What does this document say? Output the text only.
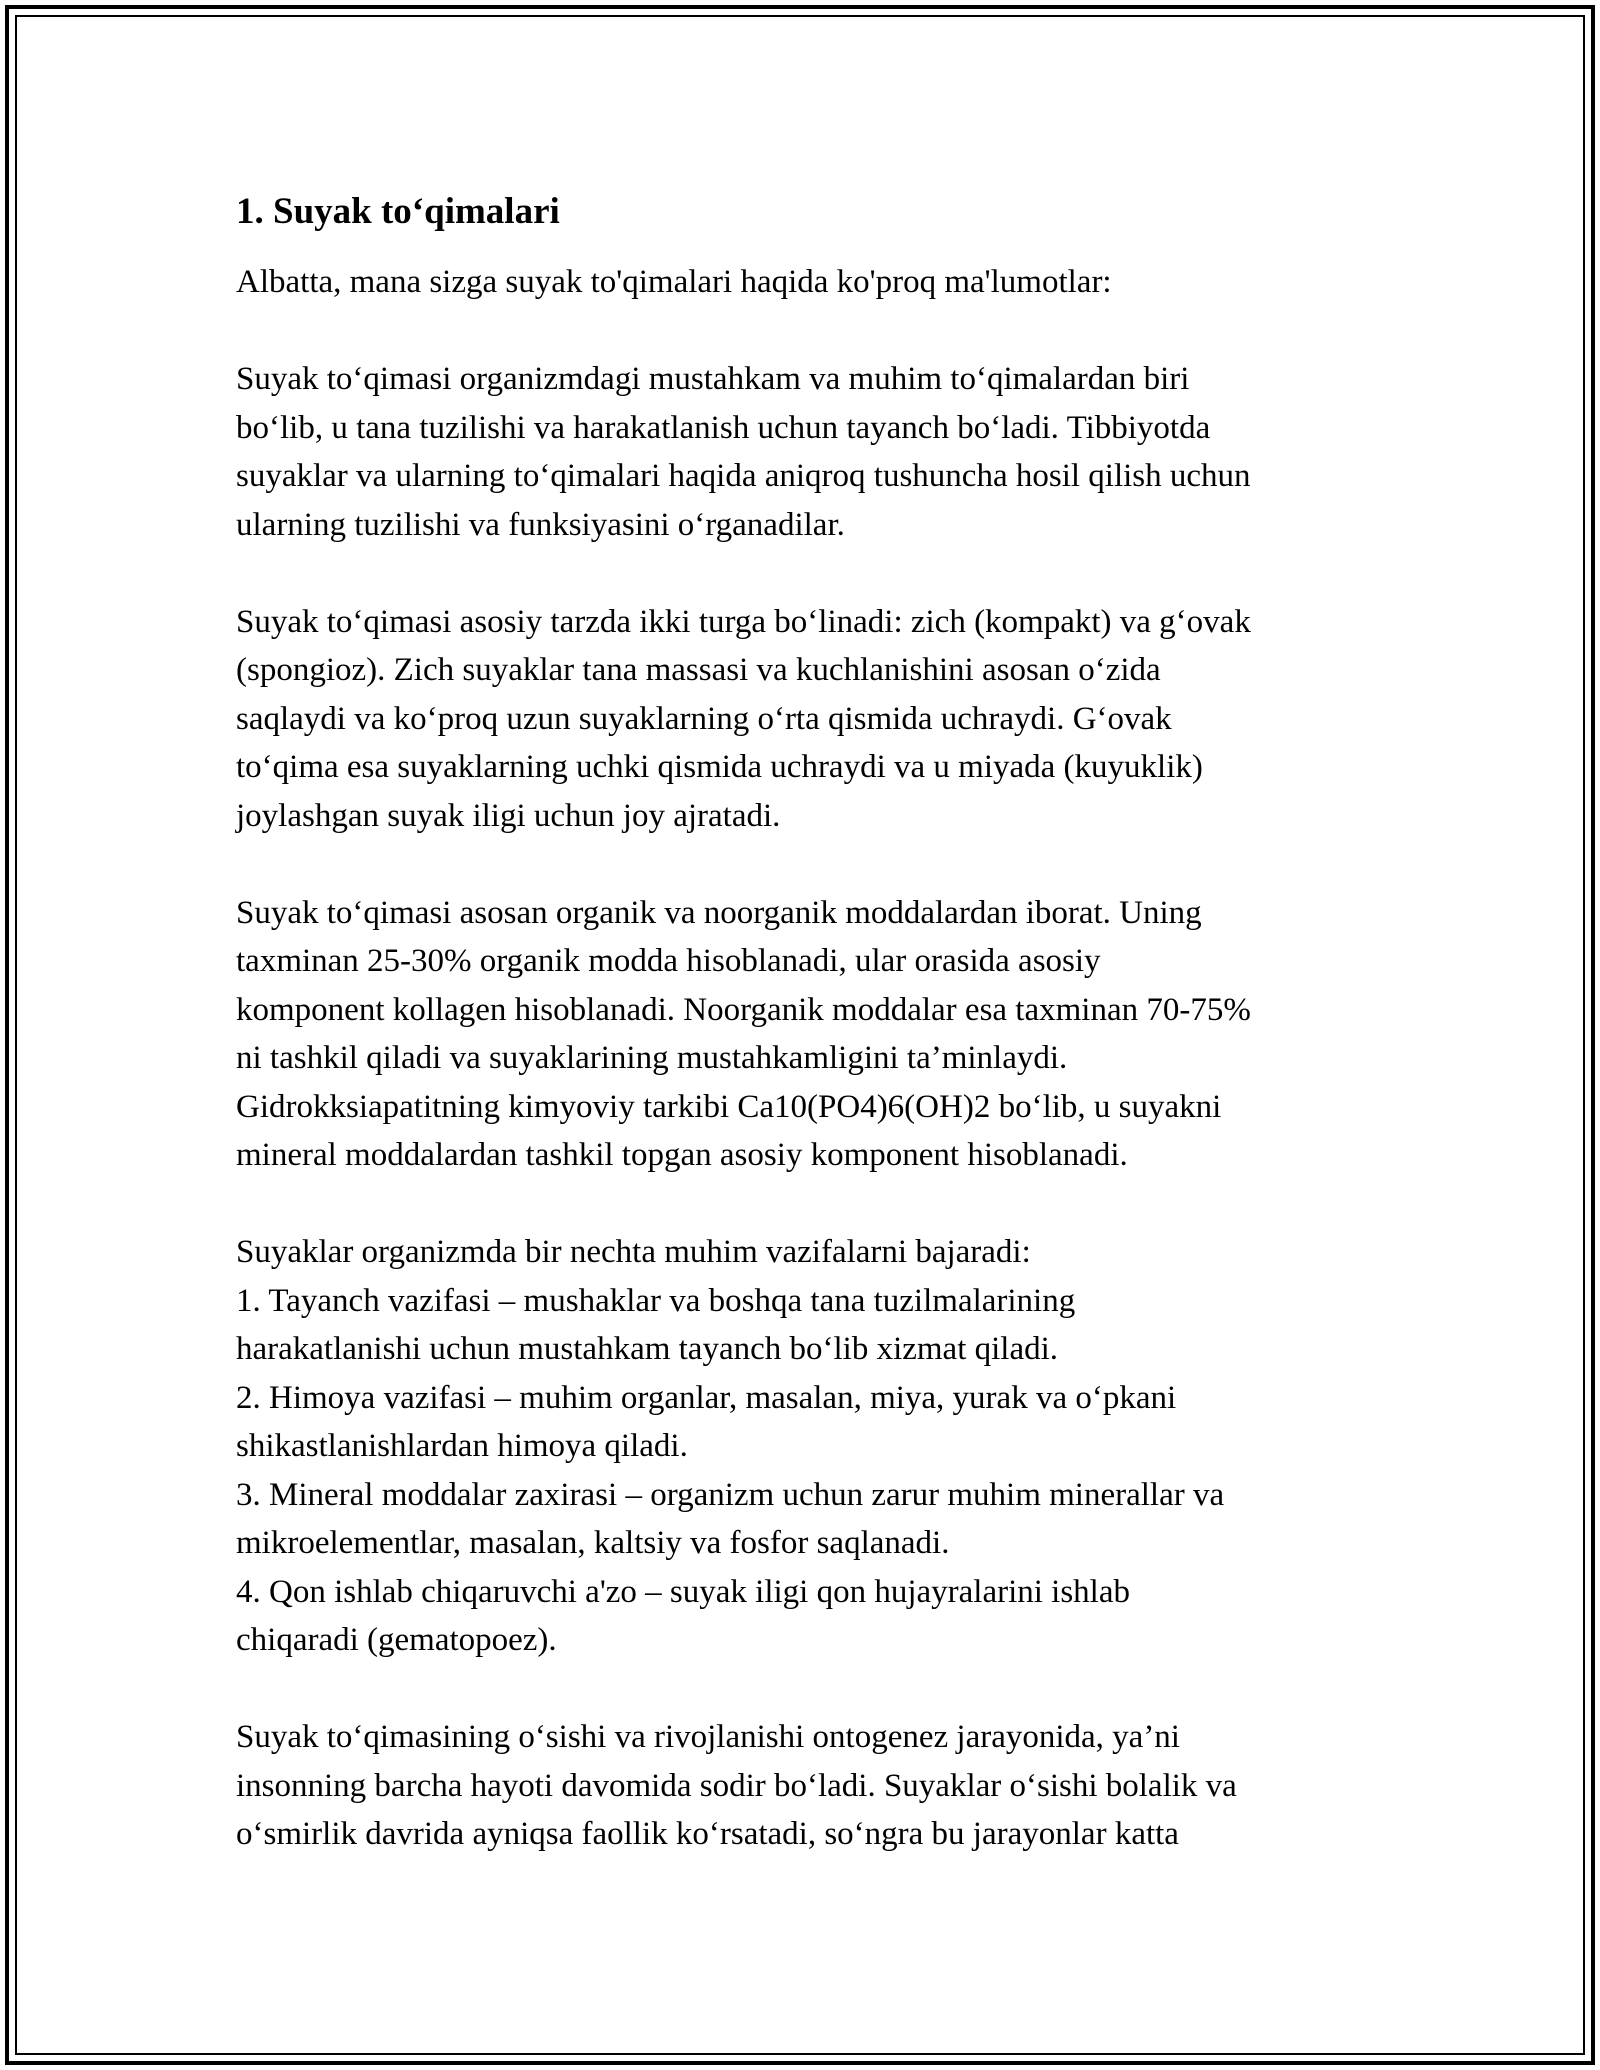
1. Suyak to‘qimalari

Albatta, mana sizga suyak to'qimalari haqida ko'proq ma'lumotlar:

Suyak to‘qimasi organizmdagi mustahkam va muhim to‘qimalardan biri
bo‘lib, u tana tuzilishi va harakatlanish uchun tayanch bo‘ladi. Tibbiyotda
suyaklar va ularning to‘qimalari haqida aniqroq tushuncha hosil qilish uchun
ularning tuzilishi va funksiyasini o‘rganadilar.

Suyak to‘qimasi asosiy tarzda ikki turga bo‘linadi: zich (kompakt) va g‘ovak
(spongioz). Zich suyaklar tana massasi va kuchlanishini asosan o‘zida
saqlaydi va ko‘proq uzun suyaklarning o‘rta qismida uchraydi. G‘ovak
to‘qima esa suyaklarning uchki qismida uchraydi va u miyada (kuyuklik)
joylashgan suyak iligi uchun joy ajratadi.

Suyak to‘qimasi asosan organik va noorganik moddalardan iborat. Uning
taxminan 25-30% organik modda hisoblanadi, ular orasida asosiy
komponent kollagen hisoblanadi. Noorganik moddalar esa taxminan 70-75%
ni tashkil qiladi va suyaklarining mustahkamligini ta’minlaydi.
Gidrokksiapatitning kimyoviy tarkibi Ca10(PO4)6(OH)2 bo‘lib, u suyakni
mineral moddalardan tashkil topgan asosiy komponent hisoblanadi.

Suyaklar organizmda bir nechta muhim vazifalarni bajaradi:
1. Tayanch vazifasi – mushaklar va boshqa tana tuzilmalarining
harakatlanishi uchun mustahkam tayanch bo‘lib xizmat qiladi.
2. Himoya vazifasi – muhim organlar, masalan, miya, yurak va o‘pkani
shikastlanishlardan himoya qiladi.
3. Mineral moddalar zaxirasi – organizm uchun zarur muhim minerallar va
mikroelementlar, masalan, kaltsiy va fosfor saqlanadi.
4. Qon ishlab chiqaruvchi a'zo – suyak iligi qon hujayralarini ishlab
chiqaradi (gematopoez).

Suyak to‘qimasining o‘sishi va rivojlanishi ontogenez jarayonida, ya’ni
insonning barcha hayoti davomida sodir bo‘ladi. Suyaklar o‘sishi bolalik va
o‘smirlik davrida ayniqsa faollik ko‘rsatadi, so‘ngra bu jarayonlar katta
